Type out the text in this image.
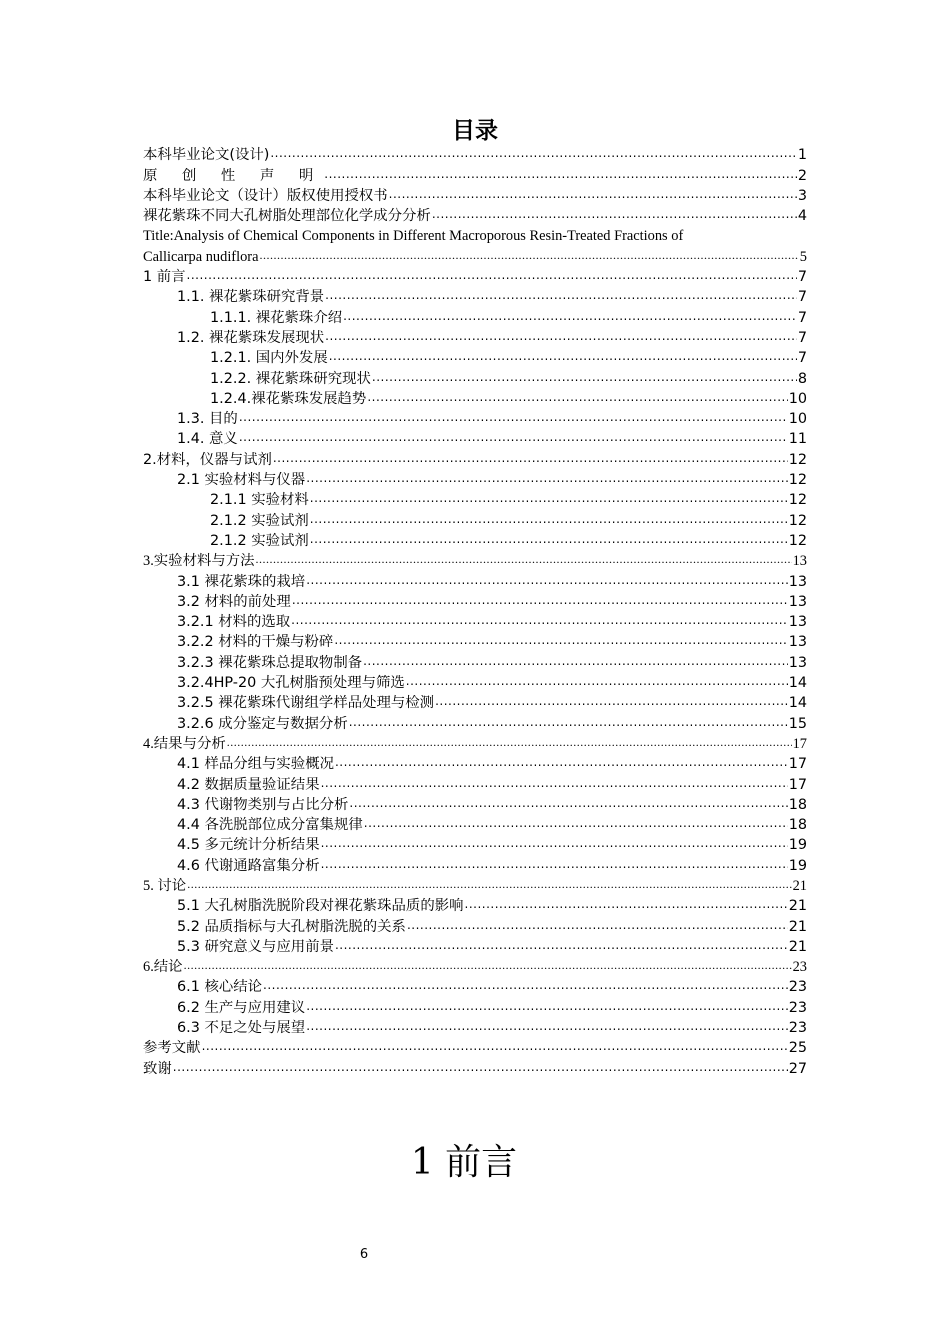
目录
本科毕业论文(设计) .....	1
原 创 性 声 明 .....	2
本科毕业论文（设计）版权使用授权书 .....	3
裸花紫珠不同大孔树脂处理部位化学成分分析 .....	4
Title:Analysis of Chemical Components in Different Macroporous Resin-Treated Fractions of
Callicarpa nudiflora .....	5
1 前言 .....	7
1.1. 裸花紫珠研究背景 .....	7
1.1.1. 裸花紫珠介绍 .....	7
1.2. 裸花紫珠发展现状 .....	7
1.2.1. 国内外发展 .....	7
1.2.2. 裸花紫珠研究现状 .....	8
1.2.4.裸花紫珠发展趋势 .....	10
1.3. 目的 .....	10
1.4. 意义 .....	11
2.材料，仪器与试剂 .....	12
2.1 实验材料与仪器 .....	12
2.1.1 实验材料 .....	12
2.1.2 实验试剂 .....	12
2.1.2 实验试剂 .....	12
3.实验材料与方法 .....	13
3.1 裸花紫珠的栽培 .....	13
3.2 材料的前处理 .....	13
3.2.1 材料的选取 .....	13
3.2.2 材料的干燥与粉碎 .....	13
3.2.3 裸花紫珠总提取物制备 .....	13
3.2.4HP-20 大孔树脂预处理与筛选 .....	14
3.2.5 裸花紫珠代谢组学样品处理与检测 .....	14
3.2.6 成分鉴定与数据分析 .....	15
4.结果与分析 .....	17
4.1 样品分组与实验概况 .....	17
4.2 数据质量验证结果 .....	17
4.3 代谢物类别与占比分析 .....	18
4.4 各洗脱部位成分富集规律 .....	18
4.5 多元统计分析结果 .....	19
4.6 代谢通路富集分析 .....	19
5. 讨论 .....	21
5.1 大孔树脂洗脱阶段对裸花紫珠品质的影响 .....	21
5.2 品质指标与大孔树脂洗脱的关系 .....	21
5.3 研究意义与应用前景 .....	21
6.结论 .....	23
6.1 核心结论 .....	23
6.2 生产与应用建议 .....	23
6.3 不足之处与展望 .....	23
参考文献 .....	25
致谢 .....	27
1 前言
6
